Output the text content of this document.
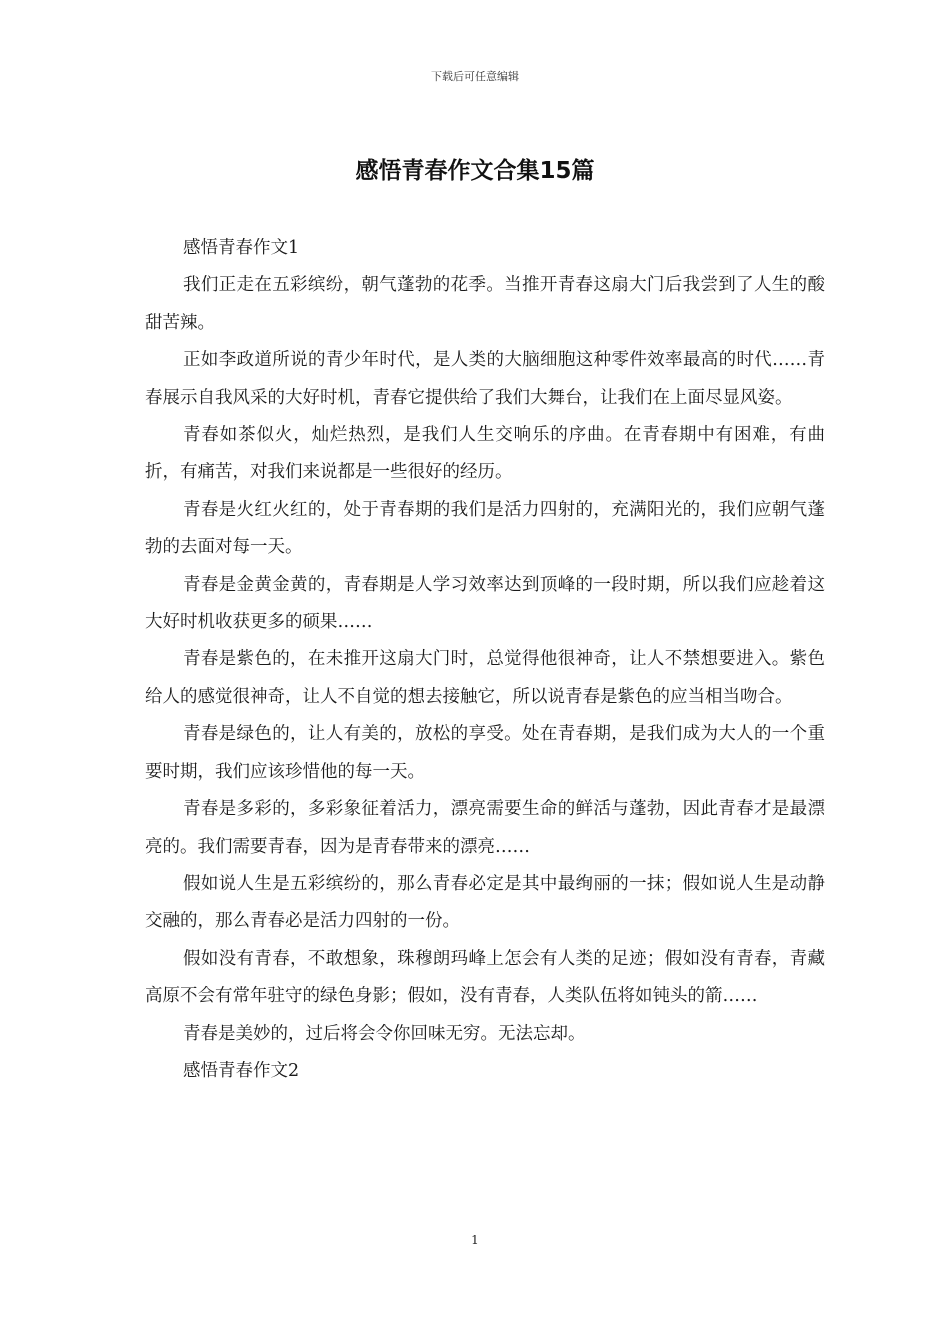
下载后可任意编辑
感悟青春作文合集15篇

感悟青春作文1

我们正走在五彩缤纷，朝气蓬勃的花季。当推开青春这扇大门后我尝到了人生的酸甜苦辣。

正如李政道所说的青少年时代，是人类的大脑细胞这种零件效率最高的时代……青春展示自我风采的大好时机，青春它提供给了我们大舞台，让我们在上面尽显风姿。

青春如茶似火，灿烂热烈，是我们人生交响乐的序曲。在青春期中有困难，有曲折，有痛苦，对我们来说都是一些很好的经历。

青春是火红火红的，处于青春期的我们是活力四射的，充满阳光的，我们应朝气蓬勃的去面对每一天。

青春是金黄金黄的，青春期是人学习效率达到顶峰的一段时期，所以我们应趁着这大好时机收获更多的硕果……

青春是紫色的，在未推开这扇大门时，总觉得他很神奇，让人不禁想要进入。紫色给人的感觉很神奇，让人不自觉的想去接触它，所以说青春是紫色的应当相当吻合。

青春是绿色的，让人有美的，放松的享受。处在青春期，是我们成为大人的一个重要时期，我们应该珍惜他的每一天。

青春是多彩的，多彩象征着活力，漂亮需要生命的鲜活与蓬勃，因此青春才是最漂亮的。我们需要青春，因为是青春带来的漂亮……

假如说人生是五彩缤纷的，那么青春必定是其中最绚丽的一抹；假如说人生是动静交融的，那么青春必是活力四射的一份。

假如没有青春，不敢想象，珠穆朗玛峰上怎会有人类的足迹；假如没有青春，青藏高原不会有常年驻守的绿色身影；假如，没有青春，人类队伍将如钝头的箭……

青春是美妙的，过后将会令你回味无穷。无法忘却。

感悟青春作文2

1
